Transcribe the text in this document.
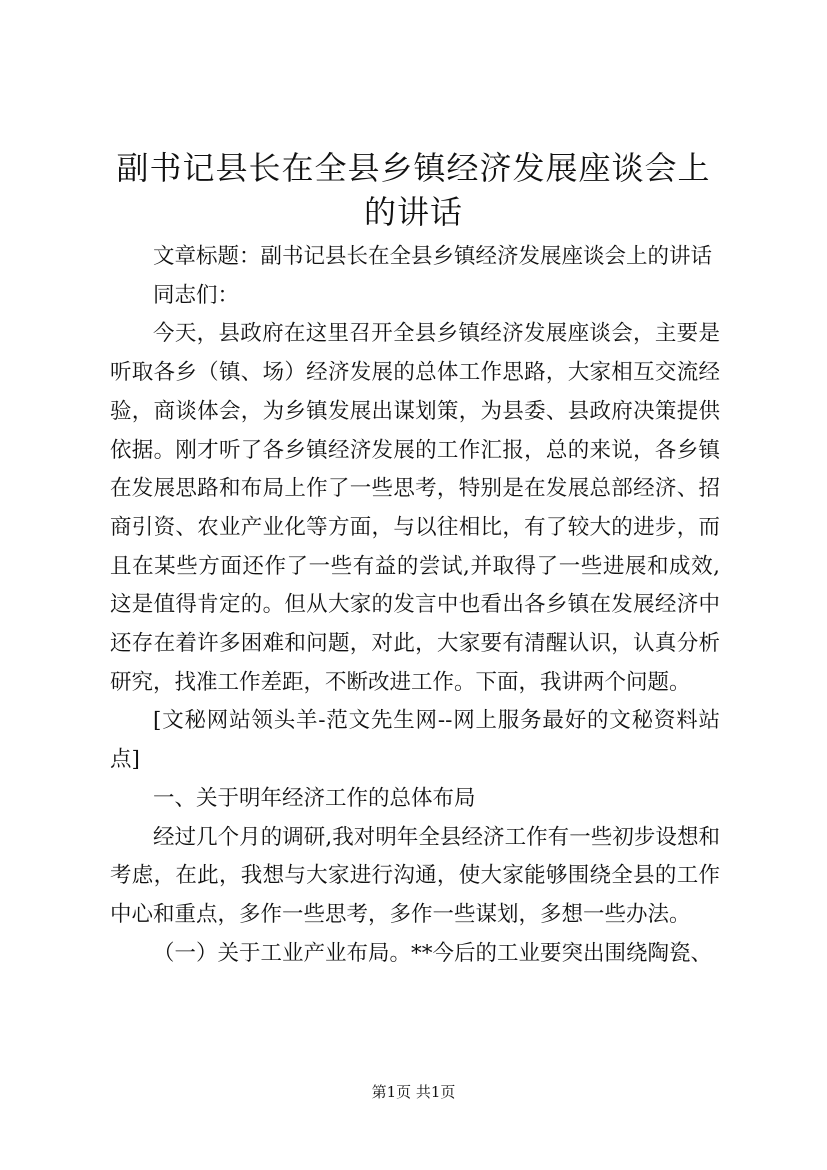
副书记县长在全县乡镇经济发展座谈会上的讲话

文章标题：副书记县长在全县乡镇经济发展座谈会上的讲话

同志们：

今天，县政府在这里召开全县乡镇经济发展座谈会，主要是听取各乡（镇、场）经济发展的总体工作思路，大家相互交流经验，商谈体会，为乡镇发展出谋划策，为县委、县政府决策提供依据。刚才听了各乡镇经济发展的工作汇报，总的来说，各乡镇在发展思路和布局上作了一些思考，特别是在发展总部经济、招商引资、农业产业化等方面，与以往相比，有了较大的进步，而且在某些方面还作了一些有益的尝试,并取得了一些进展和成效,这是值得肯定的。但从大家的发言中也看出各乡镇在发展经济中还存在着许多困难和问题，对此，大家要有清醒认识，认真分析研究，找准工作差距，不断改进工作。下面，我讲两个问题。

[文秘网站领头羊-范文先生网--网上服务最好的文秘资料站点]

一、关于明年经济工作的总体布局

经过几个月的调研,我对明年全县经济工作有一些初步设想和考虑，在此，我想与大家进行沟通，使大家能够围绕全县的工作中心和重点，多作一些思考，多作一些谋划，多想一些办法。

（一）关于工业产业布局。**今后的工业要突出围绕陶瓷、

第1页 共1页
